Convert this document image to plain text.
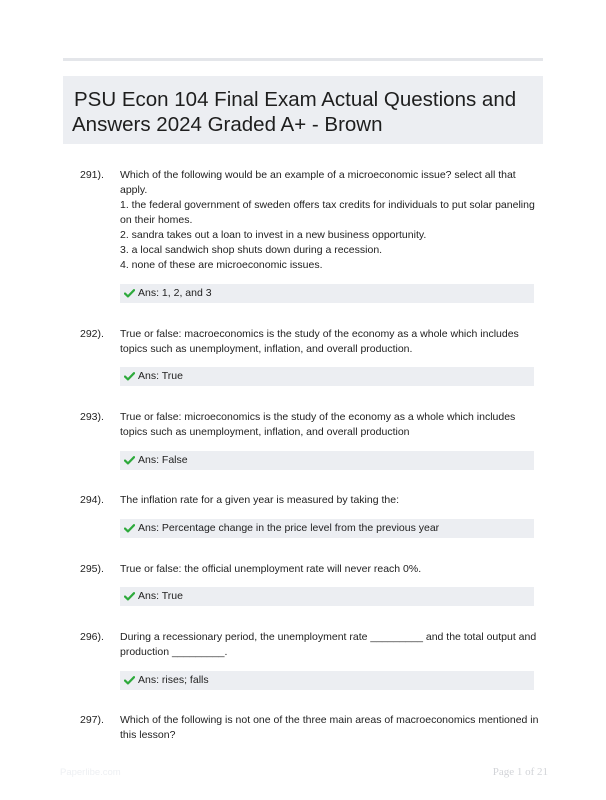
PSU Econ 104 Final Exam Actual Questions and Answers 2024 Graded A+ - Brown
291). Which of the following would be an example of a microeconomic issue? select all that apply.

1. the federal government of sweden offers tax credits for individuals to put solar paneling on their homes.

2. sandra takes out a loan to invest in a new business opportunity.

3. a local sandwich shop shuts down during a recession.

4. none of these are microeconomic issues.

Ans: 1, 2, and 3
292). True or false: macroeconomics is the study of the economy as a whole which includes topics such as unemployment, inflation, and overall production.

Ans: True
293). True or false: microeconomics is the study of the economy as a whole which includes topics such as unemployment, inflation, and overall production

Ans: False
294). The inflation rate for a given year is measured by taking the:

Ans: Percentage change in the price level from the previous year
295). True or false: the official unemployment rate will never reach 0%.

Ans: True
296). During a recessionary period, the unemployment rate _________ and the total output and production _________.

Ans: rises; falls
297). Which of the following is not one of the three main areas of macroeconomics mentioned in this lesson?

Paperlibe.com	Page 1 of 21
